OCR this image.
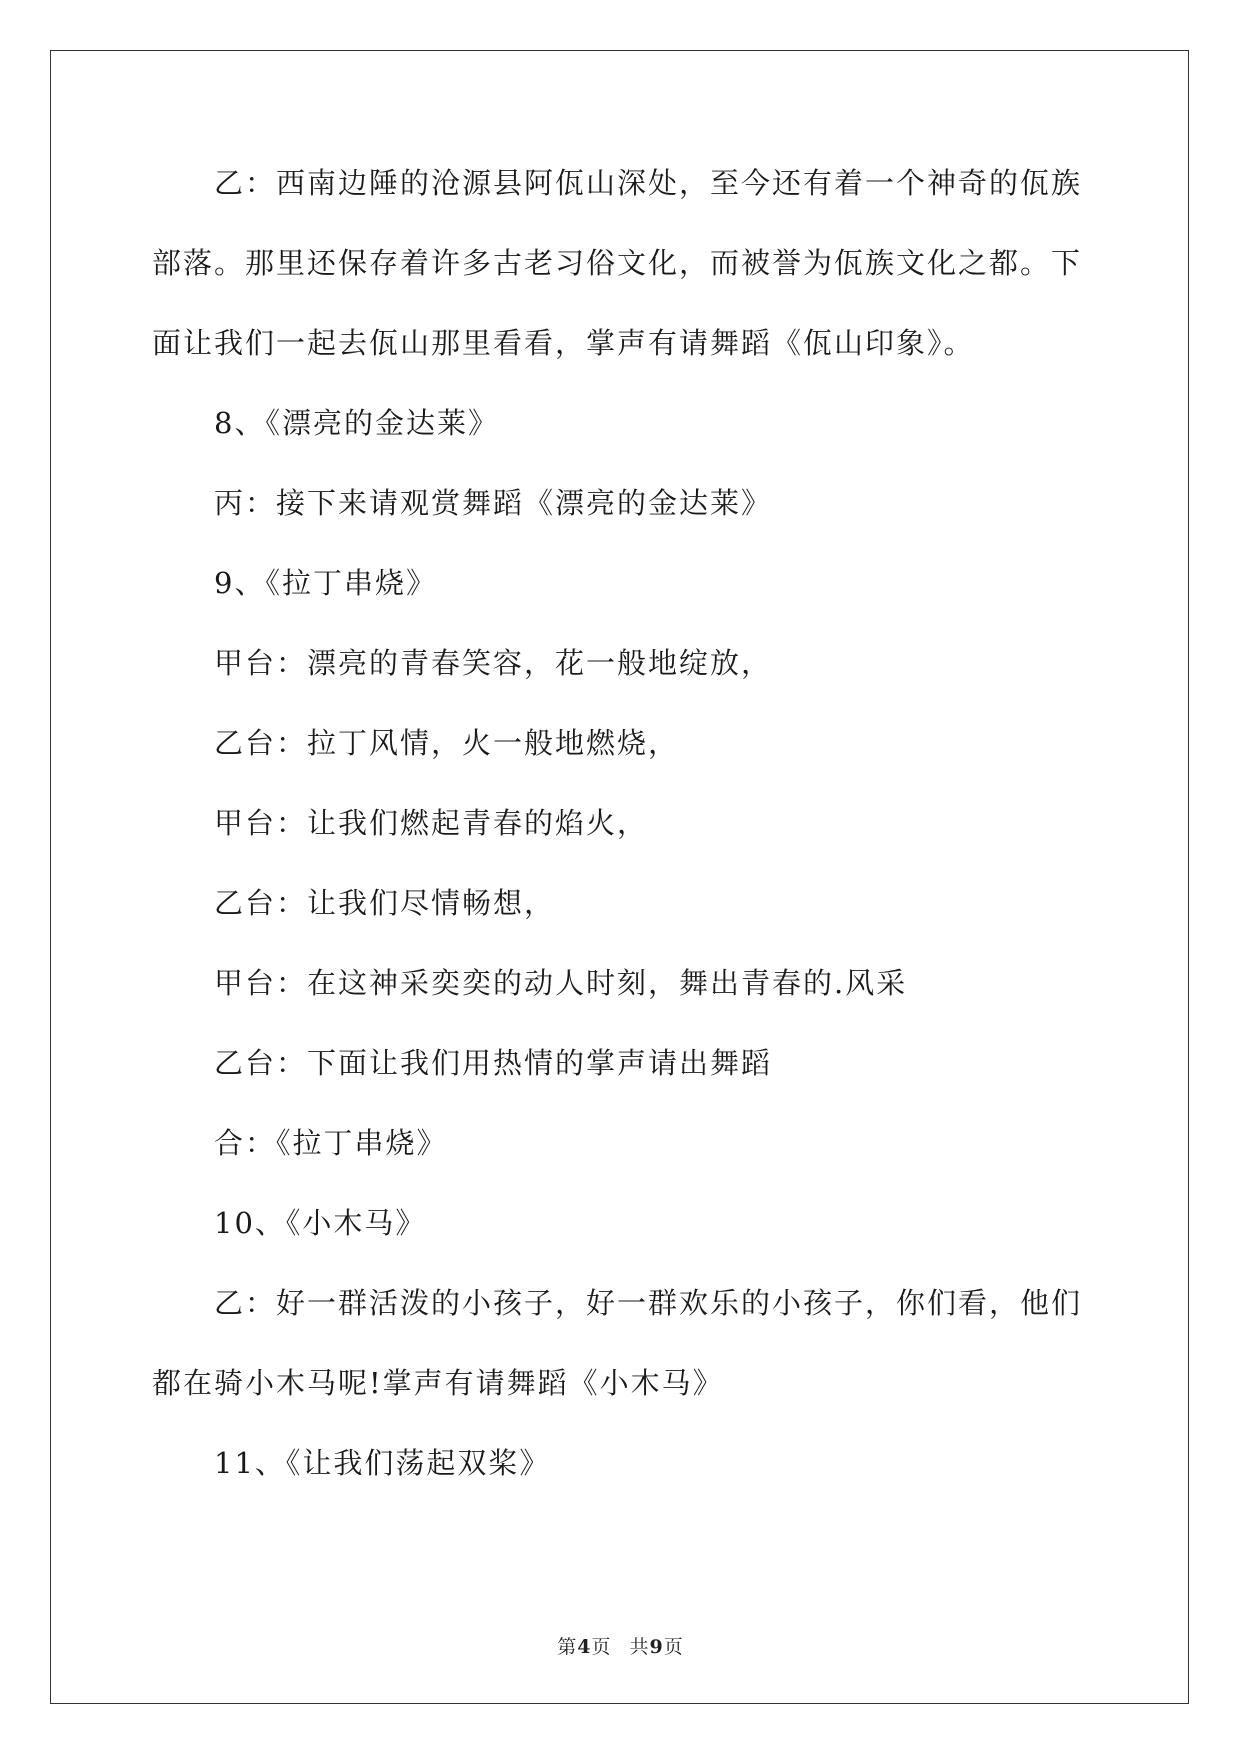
乙：西南边陲的沧源县阿佤山深处，至今还有着一个神奇的佤族
部落。那里还保存着许多古老习俗文化，而被誉为佤族文化之都。下
面让我们一起去佤山那里看看，掌声有请舞蹈《佤山印象》。

8、《漂亮的金达莱》

丙：接下来请观赏舞蹈《漂亮的金达莱》

9、《拉丁串烧》

甲台：漂亮的青春笑容，花一般地绽放，

乙台：拉丁风情，火一般地燃烧，

甲台：让我们燃起青春的焰火，

乙台：让我们尽情畅想，

甲台：在这神采奕奕的动人时刻，舞出青春的.风采

乙台：下面让我们用热情的掌声请出舞蹈

合：《拉丁串烧》

10、《小木马》

乙：好一群活泼的小孩子，好一群欢乐的小孩子，你们看，他们
都在骑小木马呢!掌声有请舞蹈《小木马》

11、《让我们荡起双桨》

第4页 共9页
